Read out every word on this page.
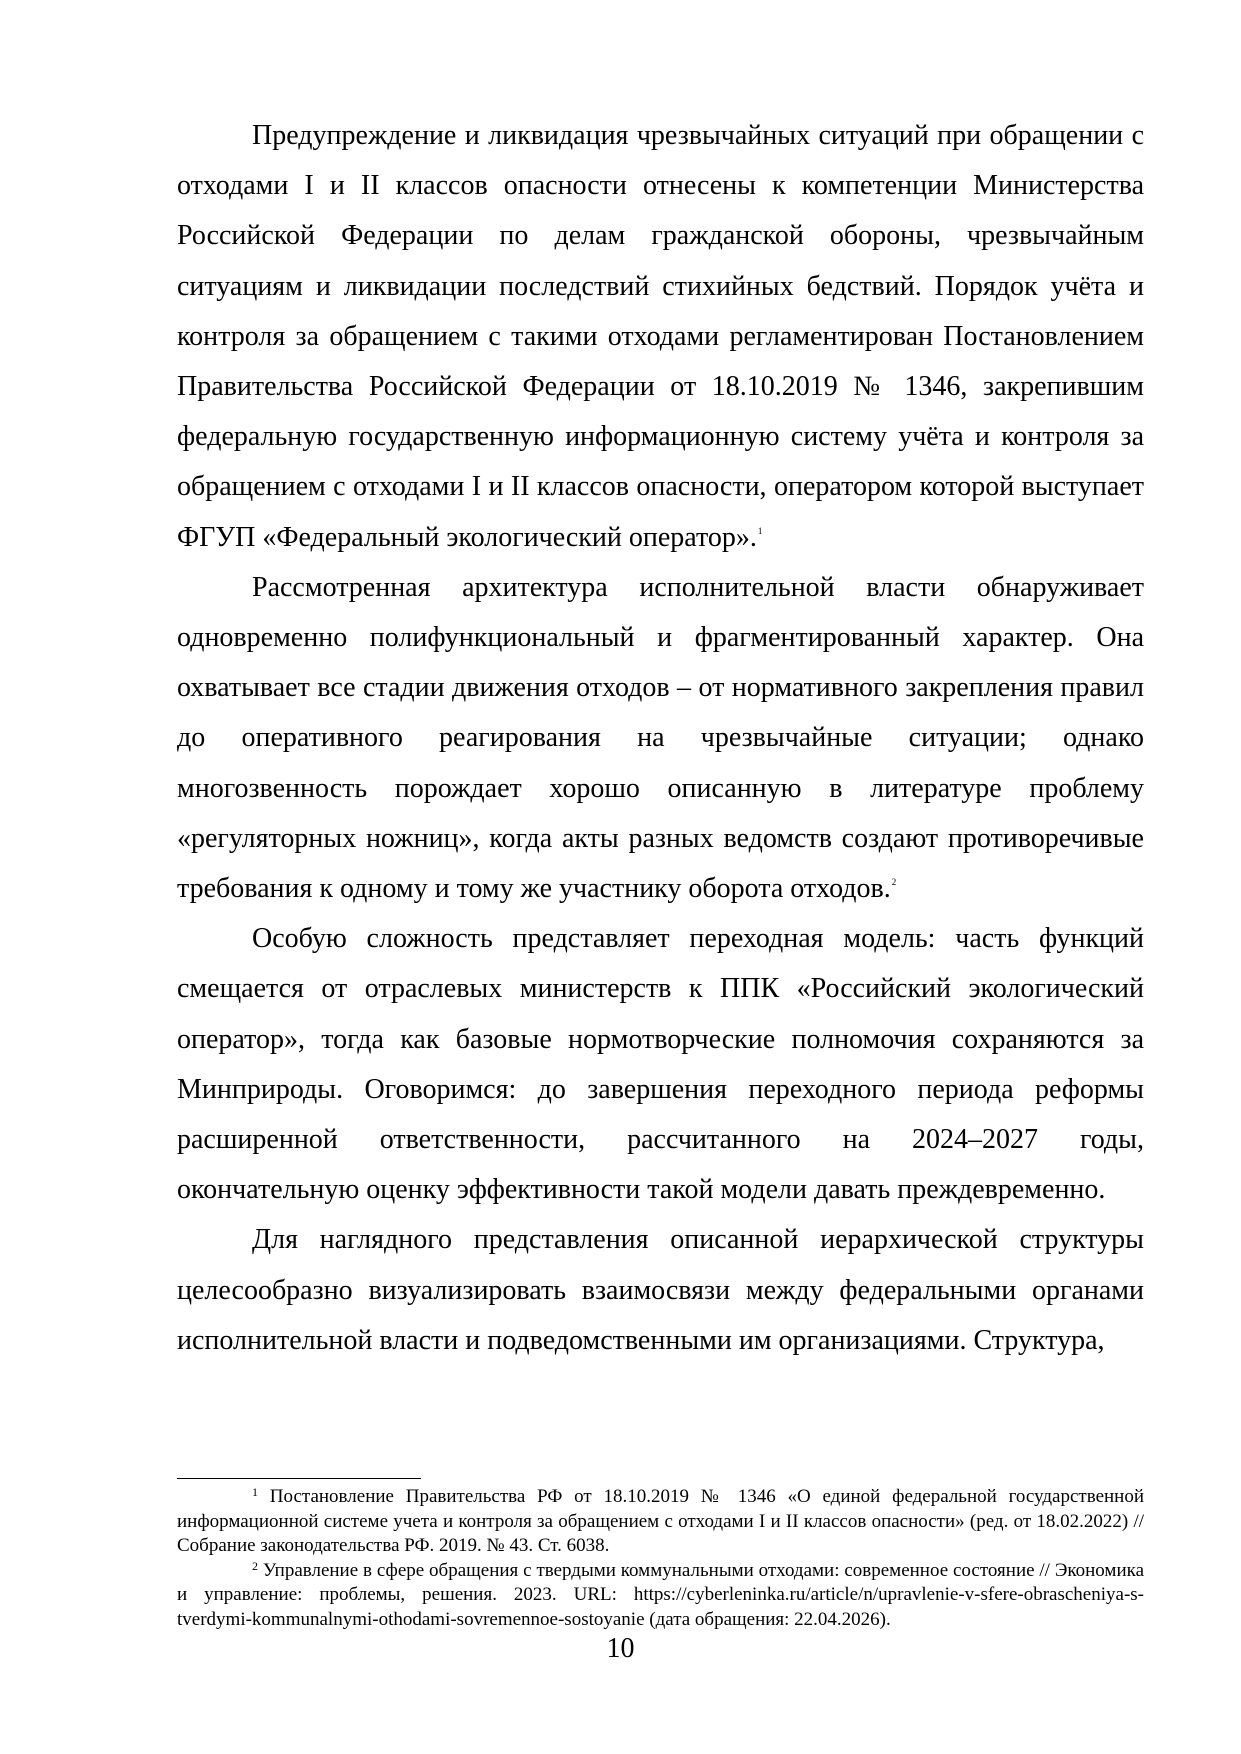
Предупреждение и ликвидация чрезвычайных ситуаций при обращении с отходами I и II классов опасности отнесены к компетенции Министерства Российской Федерации по делам гражданской обороны, чрезвычайным ситуациям и ликвидации последствий стихийных бедствий. Порядок учёта и контроля за обращением с такими отходами регламентирован Постановлением Правительства Российской Федерации от 18.10.2019 № 1346, закрепившим федеральную государственную информационную систему учёта и контроля за обращением с отходами I и II классов опасности, оператором которой выступает ФГУП «Федеральный экологический оператор».$^1$

Рассмотренная архитектура исполнительной власти обнаруживает одновременно полифункциональный и фрагментированный характер. Она охватывает все стадии движения отходов – от нормативного закрепления правил до оперативного реагирования на чрезвычайные ситуации; однако многозвенность порождает хорошо описанную в литературе проблему «регуляторных ножниц», когда акты разных ведомств создают противоречивые требования к одному и тому же участнику оборота отходов.$^2$

Особую сложность представляет переходная модель: часть функций смещается от отраслевых министерств к ППК «Российский экологический оператор», тогда как базовые нормотворческие полномочия сохраняются за Минприроды. Оговоримся: до завершения переходного периода реформы расширенной ответственности, рассчитанного на 2024–2027 годы, окончательную оценку эффективности такой модели давать преждевременно.

Для наглядного представления описанной иерархической структуры целесообразно визуализировать взаимосвязи между федеральными органами исполнительной власти и подведомственными им организациями. Структура,

$^1$ Постановление Правительства РФ от 18.10.2019 № 1346 «О единой федеральной государственной информационной системе учета и контроля за обращением с отходами I и II классов опасности» (ред. от 18.02.2022) // Собрание законодательства РФ. 2019. № 43. Ст. 6038.

$^2$ Управление в сфере обращения с твердыми коммунальными отходами: современное состояние // Экономика и управление: проблемы, решения. 2023. URL: https://cyberleninka.ru/article/n/upravlenie-v-sfere-obrascheniya-s-tverdymi-kommunalnymi-othodami-sovremennoe-sostoyanie (дата обращения: 22.04.2026).

10
